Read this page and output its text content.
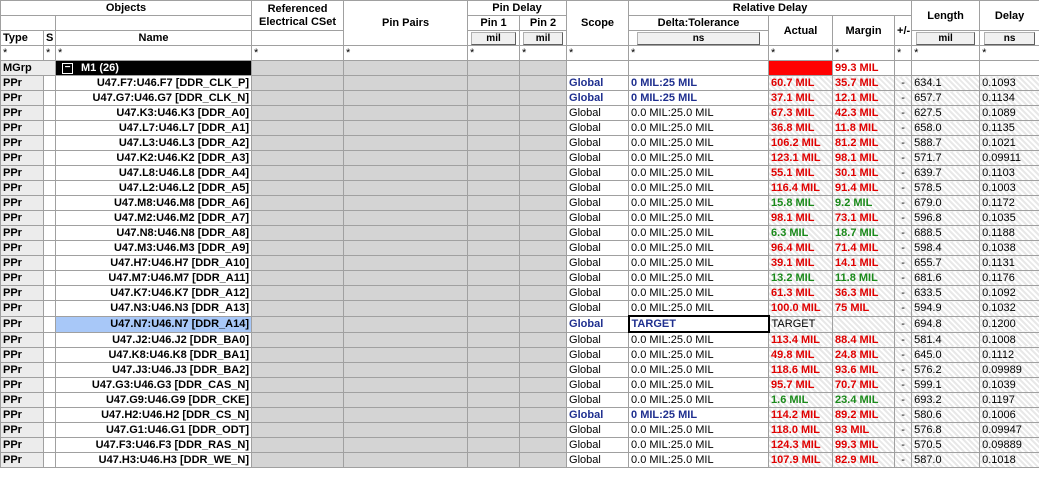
Objects			Referenced Electrical CSet	Pin Pairs	Pin Delay		Scope	Relative Delay				Length	Delay	
					Pin 1	Pin 2		Delta:Tolerance	Actual	Margin	+/-			
Type	S	Name			mil	mil		ns				mil	ns	
*	*	*	*	*	*	*	*	*	*	*	*	*	*	
MGrp		− M1 (26)								99.3 MIL				
PPr		U47.F7:U46.F7 [DDR_CLK_P]					Global	0 MIL:25 MIL	60.7 MIL	35.7 MIL	-	634.1	0.1093	
PPr		U47.G7:U46.G7 [DDR_CLK_N]					Global	0 MIL:25 MIL	37.1 MIL	12.1 MIL	-	657.7	0.1134	
PPr		U47.K3:U46.K3 [DDR_A0]					Global	0.0 MIL:25.0 MIL	67.3 MIL	42.3 MIL	-	627.5	0.1089	
PPr		U47.L7:U46.L7 [DDR_A1]					Global	0.0 MIL:25.0 MIL	36.8 MIL	11.8 MIL	-	658.0	0.1135	
PPr		U47.L3:U46.L3 [DDR_A2]					Global	0.0 MIL:25.0 MIL	106.2 MIL	81.2 MIL	-	588.7	0.1021	
PPr		U47.K2:U46.K2 [DDR_A3]					Global	0.0 MIL:25.0 MIL	123.1 MIL	98.1 MIL	-	571.7	0.09911	
PPr		U47.L8:U46.L8 [DDR_A4]					Global	0.0 MIL:25.0 MIL	55.1 MIL	30.1 MIL	-	639.7	0.1103	
PPr		U47.L2:U46.L2 [DDR_A5]					Global	0.0 MIL:25.0 MIL	116.4 MIL	91.4 MIL	-	578.5	0.1003	
PPr		U47.M8:U46.M8 [DDR_A6]					Global	0.0 MIL:25.0 MIL	15.8 MIL	9.2 MIL	-	679.0	0.1172	
PPr		U47.M2:U46.M2 [DDR_A7]					Global	0.0 MIL:25.0 MIL	98.1 MIL	73.1 MIL	-	596.8	0.1035	
PPr		U47.N8:U46.N8 [DDR_A8]					Global	0.0 MIL:25.0 MIL	6.3 MIL	18.7 MIL	-	688.5	0.1188	
PPr		U47.M3:U46.M3 [DDR_A9]					Global	0.0 MIL:25.0 MIL	96.4 MIL	71.4 MIL	-	598.4	0.1038	
PPr		U47.H7:U46.H7 [DDR_A10]					Global	0.0 MIL:25.0 MIL	39.1 MIL	14.1 MIL	-	655.7	0.1131	
PPr		U47.M7:U46.M7 [DDR_A11]					Global	0.0 MIL:25.0 MIL	13.2 MIL	11.8 MIL	-	681.6	0.1176	
PPr		U47.K7:U46.K7 [DDR_A12]					Global	0.0 MIL:25.0 MIL	61.3 MIL	36.3 MIL	-	633.5	0.1092	
PPr		U47.N3:U46.N3 [DDR_A13]					Global	0.0 MIL:25.0 MIL	100.0 MIL	75 MIL	-	594.9	0.1032	
PPr		U47.N7:U46.N7 [DDR_A14]					Global	TARGET	TARGET		-	694.8	0.1200	
PPr		U47.J2:U46.J2 [DDR_BA0]					Global	0.0 MIL:25.0 MIL	113.4 MIL	88.4 MIL	-	581.4	0.1008	
PPr		U47.K8:U46.K8 [DDR_BA1]					Global	0.0 MIL:25.0 MIL	49.8 MIL	24.8 MIL	-	645.0	0.1112	
PPr		U47.J3:U46.J3 [DDR_BA2]					Global	0.0 MIL:25.0 MIL	118.6 MIL	93.6 MIL	-	576.2	0.09989	
PPr		U47.G3:U46.G3 [DDR_CAS_N]					Global	0.0 MIL:25.0 MIL	95.7 MIL	70.7 MIL	-	599.1	0.1039	
PPr		U47.G9:U46.G9 [DDR_CKE]					Global	0.0 MIL:25.0 MIL	1.6 MIL	23.4 MIL	-	693.2	0.1197	
PPr		U47.H2:U46.H2 [DDR_CS_N]					Global	0 MIL:25 MIL	114.2 MIL	89.2 MIL	-	580.6	0.1006	
PPr		U47.G1:U46.G1 [DDR_ODT]					Global	0.0 MIL:25.0 MIL	118.0 MIL	93 MIL	-	576.8	0.09947	
PPr		U47.F3:U46.F3 [DDR_RAS_N]					Global	0.0 MIL:25.0 MIL	124.3 MIL	99.3 MIL	-	570.5	0.09889	
PPr		U47.H3:U46.H3 [DDR_WE_N]					Global	0.0 MIL:25.0 MIL	107.9 MIL	82.9 MIL	-	587.0	0.1018	
